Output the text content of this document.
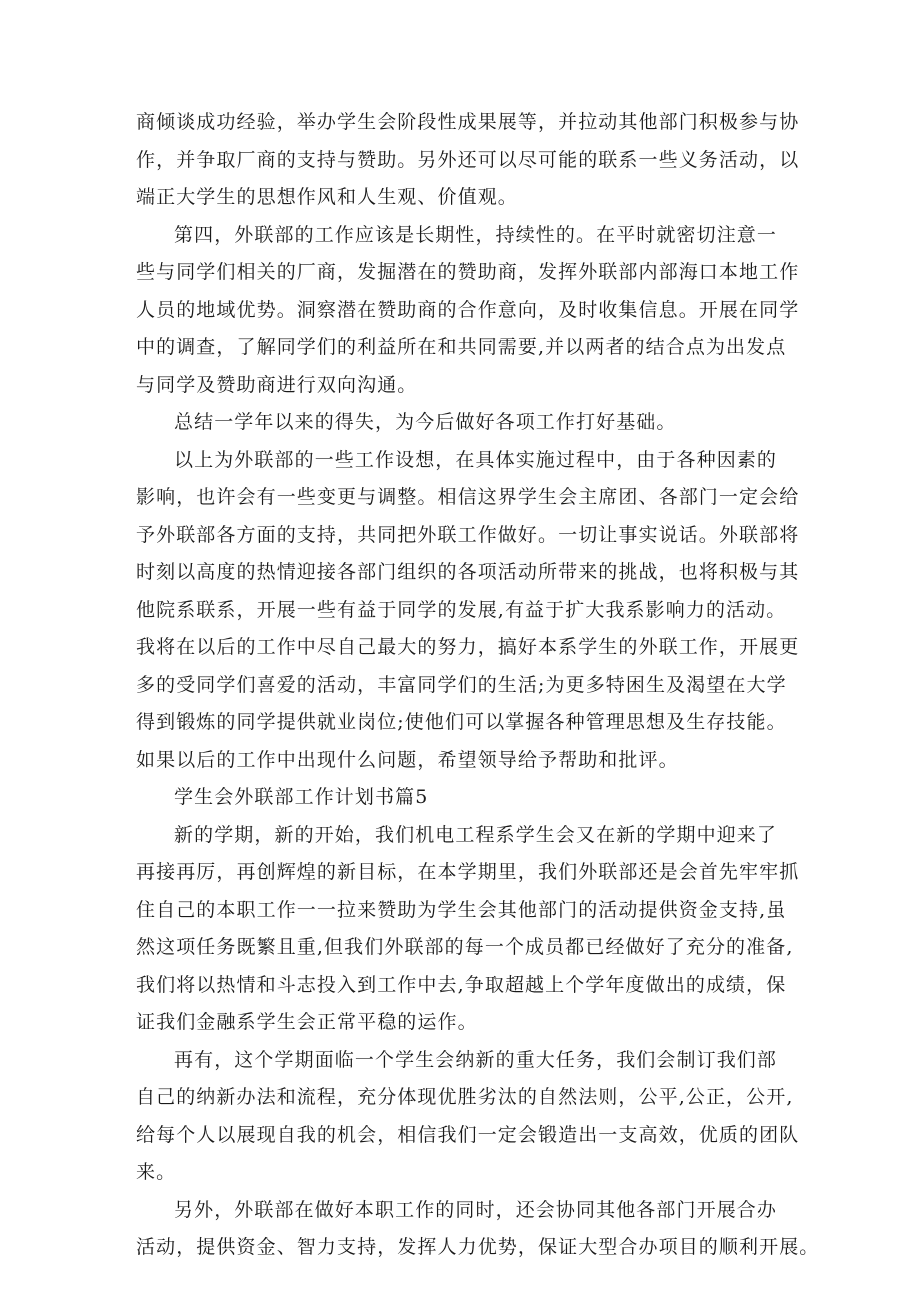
商倾谈成功经验，举办学生会阶段性成果展等，并拉动其他部门积极参与协
作，并争取厂商的支持与赞助。另外还可以尽可能的联系一些义务活动，以
端正大学生的思想作风和人生观、价值观。
第四，外联部的工作应该是长期性，持续性的。在平时就密切注意一
些与同学们相关的厂商，发掘潜在的赞助商，发挥外联部内部海口本地工作
人员的地域优势。洞察潜在赞助商的合作意向，及时收集信息。开展在同学
中的调查，了解同学们的利益所在和共同需要,并以两者的结合点为出发点
与同学及赞助商进行双向沟通。
总结一学年以来的得失，为今后做好各项工作打好基础。
以上为外联部的一些工作设想，在具体实施过程中，由于各种因素的
影响，也许会有一些变更与调整。相信这界学生会主席团、各部门一定会给
予外联部各方面的支持，共同把外联工作做好。一切让事实说话。外联部将
时刻以高度的热情迎接各部门组织的各项活动所带来的挑战，也将积极与其
他院系联系，开展一些有益于同学的发展,有益于扩大我系影响力的活动。
我将在以后的工作中尽自己最大的努力，搞好本系学生的外联工作，开展更
多的受同学们喜爱的活动，丰富同学们的生活;为更多特困生及渴望在大学
得到锻炼的同学提供就业岗位;使他们可以掌握各种管理思想及生存技能。
如果以后的工作中出现什么问题，希望领导给予帮助和批评。
学生会外联部工作计划书篇5
新的学期，新的开始，我们机电工程系学生会又在新的学期中迎来了
再接再厉，再创辉煌的新目标，在本学期里，我们外联部还是会首先牢牢抓
住自己的本职工作一一拉来赞助为学生会其他部门的活动提供资金支持,虽
然这项任务既繁且重,但我们外联部的每一个成员都已经做好了充分的准备,
我们将以热情和斗志投入到工作中去,争取超越上个学年度做出的成绩，保
证我们金融系学生会正常平稳的运作。
再有，这个学期面临一个学生会纳新的重大任务，我们会制订我们部
自己的纳新办法和流程，充分体现优胜劣汰的自然法则，公平,公正，公开,
给每个人以展现自我的机会，相信我们一定会锻造出一支高效，优质的团队
来。
另外，外联部在做好本职工作的同时，还会协同其他各部门开展合办
活动，提供资金、智力支持，发挥人力优势，保证大型合办项目的顺利开展。
